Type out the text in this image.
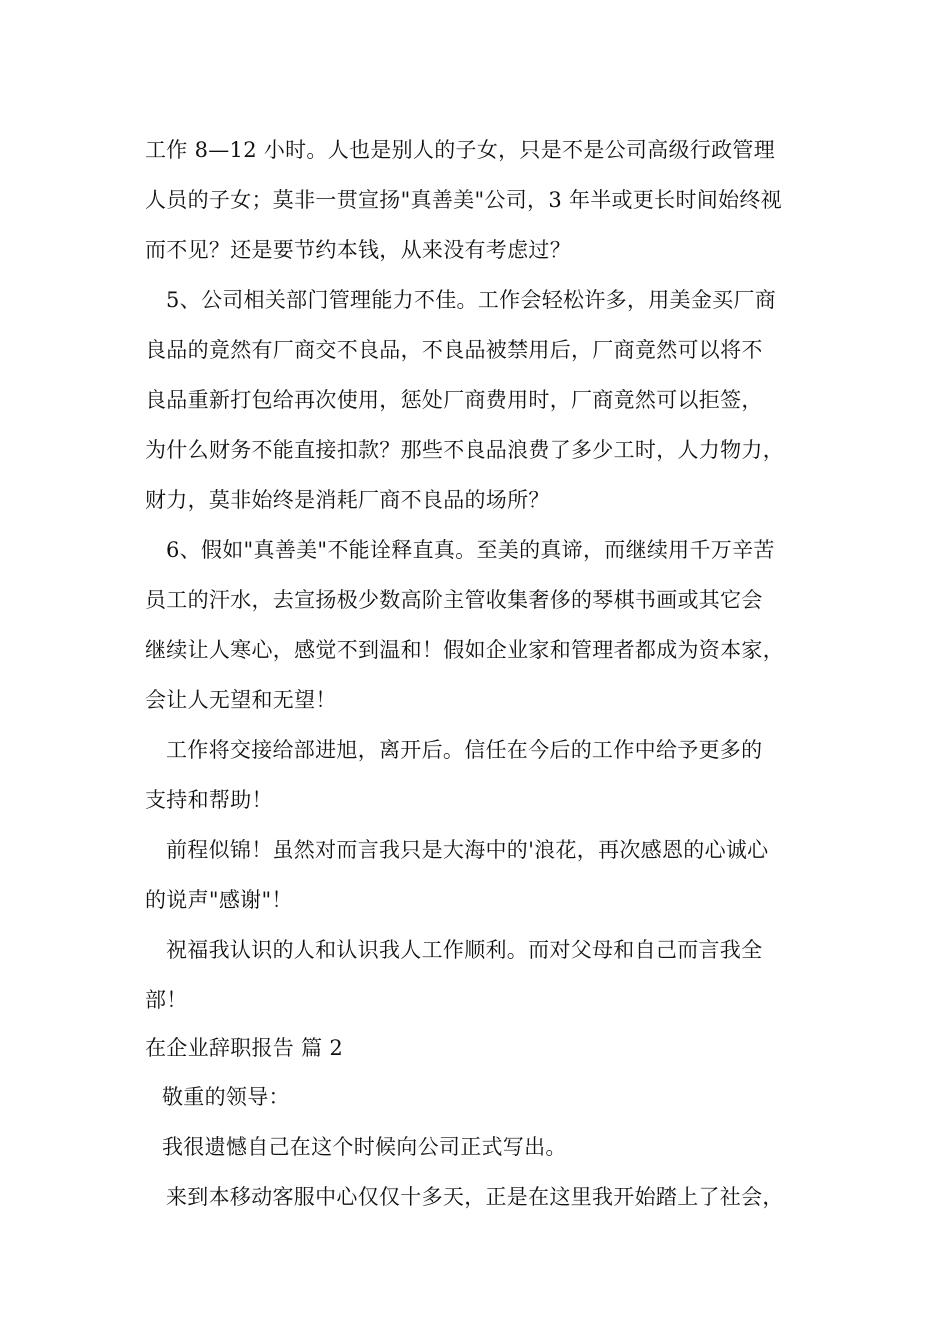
工作 8—12 小时。人也是别人的子女，只是不是公司高级行政管理
人员的子女；莫非一贯宣扬"真善美"公司，3 年半或更长时间始终视
而不见？还是要节约本钱，从来没有考虑过？
5、公司相关部门管理能力不佳。工作会轻松许多，用美金买厂商
良品的竟然有厂商交不良品，不良品被禁用后，厂商竟然可以将不
良品重新打包给再次使用，惩处厂商费用时，厂商竟然可以拒签，
为什么财务不能直接扣款？那些不良品浪费了多少工时，人力物力，
财力，莫非始终是消耗厂商不良品的场所？
6、假如"真善美"不能诠释直真。至美的真谛，而继续用千万辛苦
员工的汗水，去宣扬极少数高阶主管收集奢侈的琴棋书画或其它会
继续让人寒心，感觉不到温和！假如企业家和管理者都成为资本家，
会让人无望和无望！
工作将交接给部进旭，离开后。信任在今后的工作中给予更多的
支持和帮助！
前程似锦！虽然对而言我只是大海中的'浪花，再次感恩的心诚心
的说声"感谢"！
祝福我认识的人和认识我人工作顺利。而对父母和自己而言我全
部！
在企业辞职报告 篇 2
敬重的领导：
我很遗憾自己在这个时候向公司正式写出。
来到本移动客服中心仅仅十多天，正是在这里我开始踏上了社会，
